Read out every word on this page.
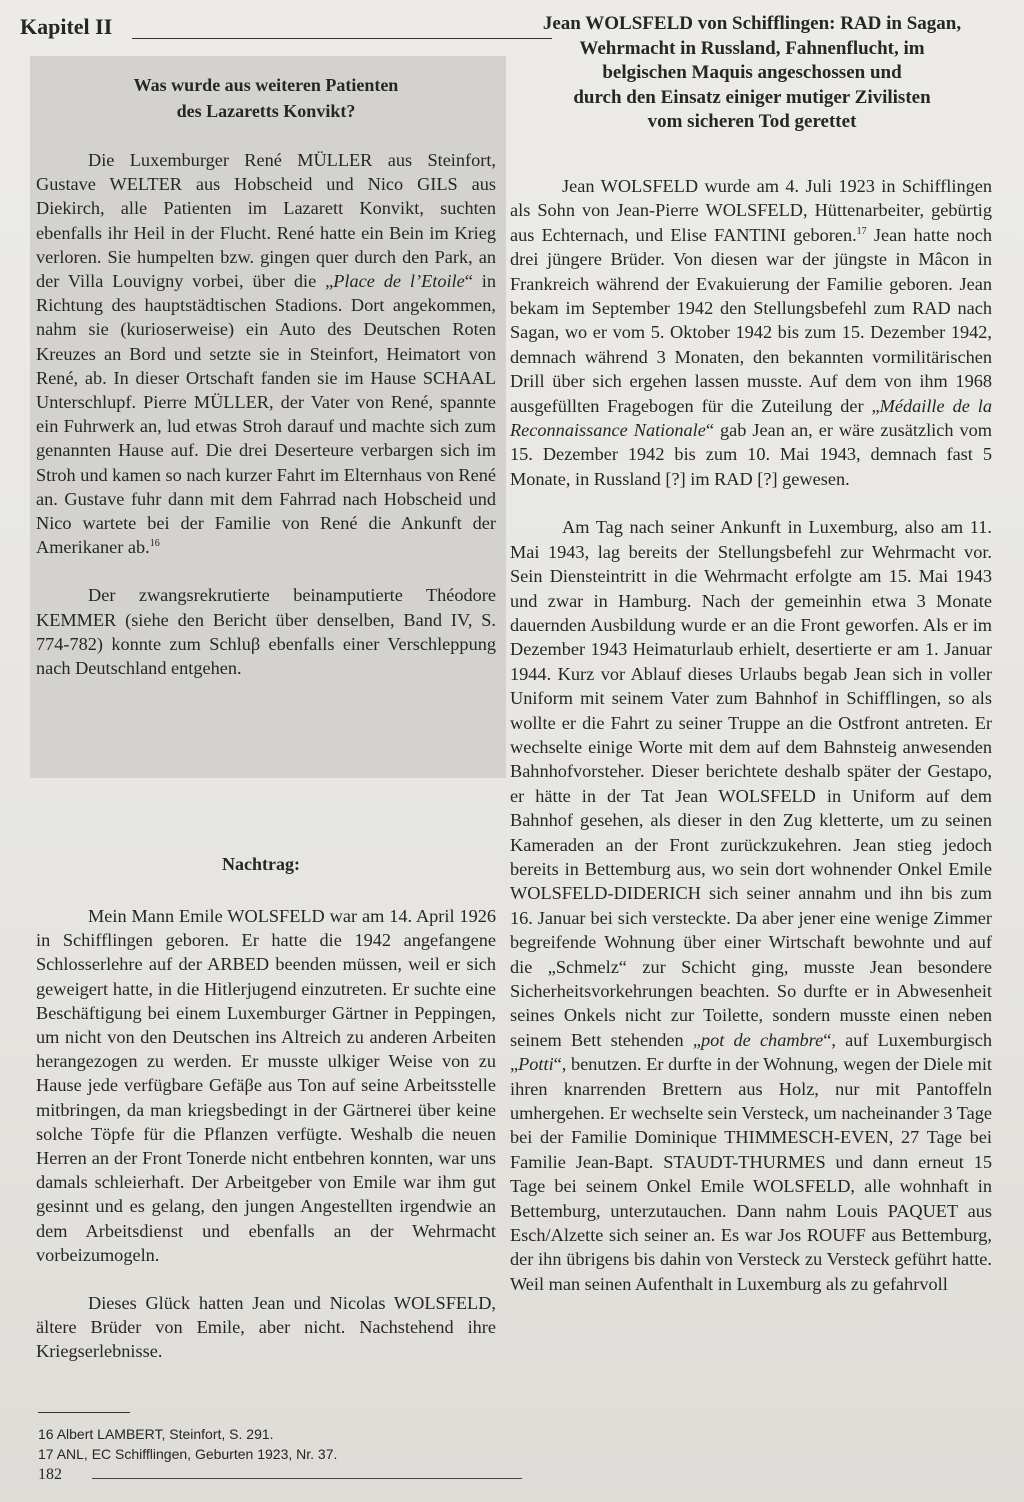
Kapitel II
Was wurde aus weiteren Patienten
des Lazaretts Konvikt?

Die Luxemburger René MÜLLER aus Steinfort, Gustave WELTER aus Hobscheid und Nico GILS aus Diekirch, alle Patienten im Lazarett Konvikt, suchten ebenfalls ihr Heil in der Flucht. René hatte ein Bein im Krieg verloren. Sie humpelten bzw. gingen quer durch den Park, an der Villa Louvigny vorbei, über die „Place de l’Etoile“ in Richtung des hauptstädtischen Stadions. Dort angekommen, nahm sie (kurioserweise) ein Auto des Deutschen Roten Kreuzes an Bord und setzte sie in Steinfort, Heimatort von René, ab. In dieser Ortschaft fanden sie im Hause SCHAAL Unterschlupf. Pierre MÜLLER, der Vater von René, spannte ein Fuhrwerk an, lud etwas Stroh darauf und machte sich zum genannten Hause auf. Die drei Deserteure verbargen sich im Stroh und kamen so nach kurzer Fahrt im Elternhaus von René an. Gustave fuhr dann mit dem Fahrrad nach Hobscheid und Nico wartete bei der Familie von René die Ankunft der Amerikaner ab.$^{16}$

Der zwangsrekrutierte beinamputierte Théodore KEMMER (siehe den Bericht über denselben, Band IV, S. 774-782) konnte zum Schluβ ebenfalls einer Verschleppung nach Deutschland entgehen.

Nachtrag:

Mein Mann Emile WOLSFELD war am 14. April 1926 in Schifflingen geboren. Er hatte die 1942 angefangene Schlosserlehre auf der ARBED beenden müssen, weil er sich geweigert hatte, in die Hitlerjugend einzutreten. Er suchte eine Beschäftigung bei einem Luxemburger Gärtner in Peppingen, um nicht von den Deutschen ins Altreich zu anderen Arbeiten herangezogen zu werden. Er musste ulkiger Weise von zu Hause jede verfügbare Gefäβe aus Ton auf seine Arbeitsstelle mitbringen, da man kriegsbedingt in der Gärtnerei über keine solche Töpfe für die Pflanzen verfügte. Weshalb die neuen Herren an der Front Tonerde nicht entbehren konnten, war uns damals schleierhaft. Der Arbeitgeber von Emile war ihm gut gesinnt und es gelang, den jungen Angestellten irgendwie an dem Arbeitsdienst und ebenfalls an der Wehrmacht vorbeizumogeln.

Dieses Glück hatten Jean und Nicolas WOLSFELD, ältere Brüder von Emile, aber nicht. Nachstehend ihre Kriegserlebnisse.

Jean WOLSFELD von Schifflingen: RAD in Sagan,
Wehrmacht in Russland, Fahnenflucht, im
belgischen Maquis angeschossen und
durch den Einsatz einiger mutiger Zivilisten
vom sicheren Tod gerettet

Jean WOLSFELD wurde am 4. Juli 1923 in Schifflingen als Sohn von Jean-Pierre WOLSFELD, Hüttenarbeiter, gebürtig aus Echternach, und Elise FANTINI geboren.$^{17}$ Jean hatte noch drei jüngere Brüder. Von diesen war der jüngste in Mâcon in Frankreich während der Evakuierung der Familie geboren. Jean bekam im September 1942 den Stellungsbefehl zum RAD nach Sagan, wo er vom 5. Oktober 1942 bis zum 15. Dezember 1942, demnach während 3 Monaten, den bekannten vormilitärischen Drill über sich ergehen lassen musste. Auf dem von ihm 1968 ausgefüllten Fragebogen für die Zuteilung der „Médaille de la Reconnaissance Nationale“ gab Jean an, er wäre zusätzlich vom 15. Dezember 1942 bis zum 10. Mai 1943, demnach fast 5 Monate, in Russland [?] im RAD [?] gewesen.

Am Tag nach seiner Ankunft in Luxemburg, also am 11. Mai 1943, lag bereits der Stellungsbefehl zur Wehrmacht vor. Sein Diensteintritt in die Wehrmacht erfolgte am 15. Mai 1943 und zwar in Hamburg. Nach der gemeinhin etwa 3 Monate dauernden Ausbildung wurde er an die Front geworfen. Als er im Dezember 1943 Heimaturlaub erhielt, desertierte er am 1. Januar 1944. Kurz vor Ablauf dieses Urlaubs begab Jean sich in voller Uniform mit seinem Vater zum Bahnhof in Schifflingen, so als wollte er die Fahrt zu seiner Truppe an die Ostfront antreten. Er wechselte einige Worte mit dem auf dem Bahnsteig anwesenden Bahnhofvorsteher. Dieser berichtete deshalb später der Gestapo, er hätte in der Tat Jean WOLSFELD in Uniform auf dem Bahnhof gesehen, als dieser in den Zug kletterte, um zu seinen Kameraden an der Front zurückzukehren. Jean stieg jedoch bereits in Bettemburg aus, wo sein dort wohnender Onkel Emile WOLSFELD-DIDERICH sich seiner annahm und ihn bis zum 16. Januar bei sich versteckte. Da aber jener eine wenige Zimmer begreifende Wohnung über einer Wirtschaft bewohnte und auf die „Schmelz“ zur Schicht ging, musste Jean besondere Sicherheitsvorkehrungen beachten. So durfte er in Abwesenheit seines Onkels nicht zur Toilette, sondern musste einen neben seinem Bett stehenden „pot de chambre“, auf Luxemburgisch „Potti“, benutzen. Er durfte in der Wohnung, wegen der Diele mit ihren knarrenden Brettern aus Holz, nur mit Pantoffeln umhergehen. Er wechselte sein Versteck, um nacheinander 3 Tage bei der Familie Dominique THIMMESCH-EVEN, 27 Tage bei Familie Jean-Bapt. STAUDT-THURMES und dann erneut 15 Tage bei seinem Onkel Emile WOLSFELD, alle wohnhaft in Bettemburg, unterzutauchen. Dann nahm Louis PAQUET aus Esch/Alzette sich seiner an. Es war Jos ROUFF aus Bettemburg, der ihn übrigens bis dahin von Versteck zu Versteck geführt hatte. Weil man seinen Aufenthalt in Luxemburg als zu gefahrvoll

16 Albert LAMBERT, Steinfort, S. 291.
17 ANL, EC Schifflingen, Geburten 1923, Nr. 37.
182
